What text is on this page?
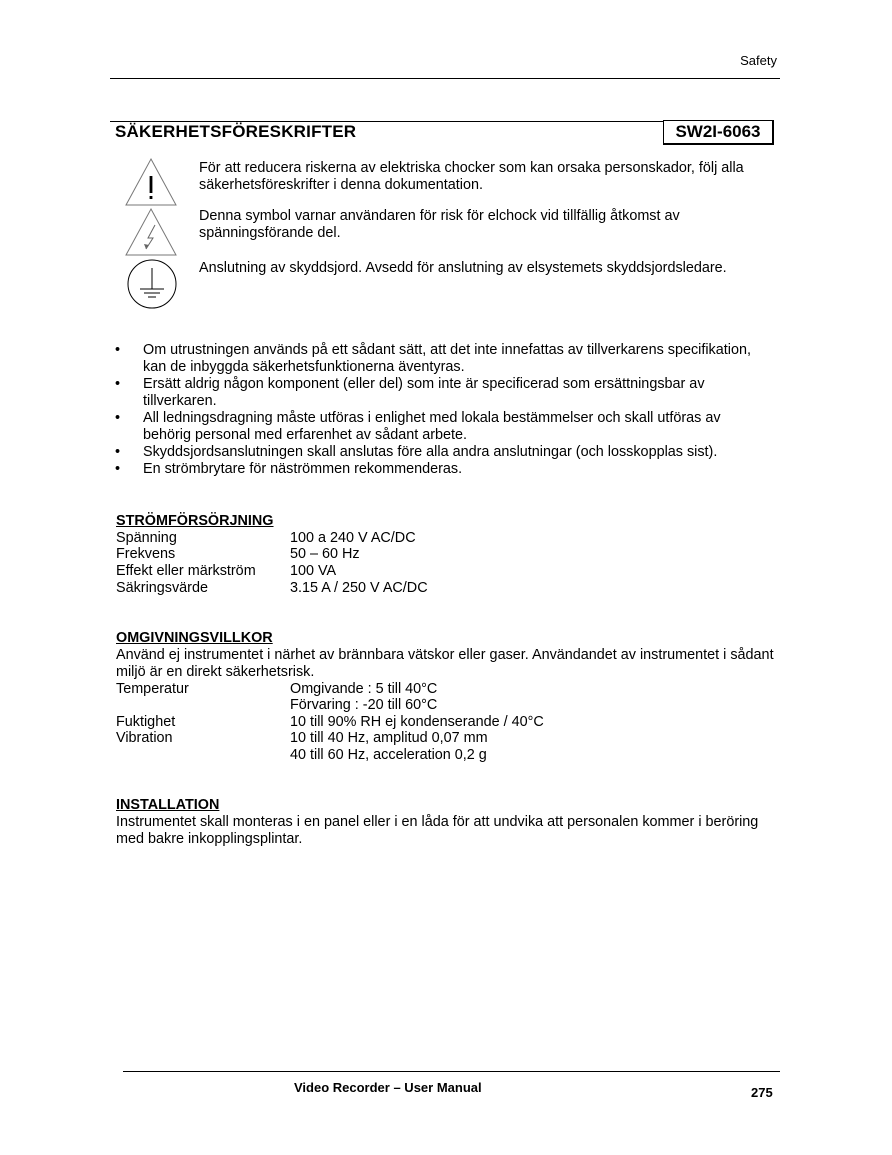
Safety
SÄKERHETSFÖRESKRIFTER	SW2I-6063
För att reducera riskerna av elektriska chocker som kan orsaka personskador, följ alla säkerhetsföreskrifter i denna dokumentation.
Denna symbol varnar användaren för risk för elchock vid tillfällig åtkomst av spänningsförande del.
Anslutning av skyddsjord. Avsedd för anslutning av elsystemets skyddsjordsledare.
• Om utrustningen används på ett sådant sätt, att det inte innefattas av tillverkarens specifikation, kan de inbyggda säkerhetsfunktionerna äventyras.
• Ersätt aldrig någon komponent (eller del) som inte är specificerad som ersättningsbar av tillverkaren.
• All ledningsdragning måste utföras i enlighet med lokala bestämmelser och skall utföras av behörig personal med erfarenhet av sådant arbete.
• Skyddsjordsanslutningen skall anslutas före alla andra anslutningar (och losskopplas sist).
• En strömbrytare för näströmmen rekommenderas.
STRÖMFÖRSÖRJNING
Spänning	100 a 240 V AC/DC
Frekvens	50 – 60 Hz
Effekt eller märkström 100 VA
Säkringsvärde	3.15 A / 250 V AC/DC
OMGIVNINGSVILLKOR
Använd ej instrumentet i närhet av brännbara vätskor eller gaser. Användandet av instrumentet i sådant miljö är en direkt säkerhetsrisk.
Temperatur	Omgivande : 5 till 40°C
Förvaring : -20 till 60°C
Fuktighet	10 till 90% RH ej kondenserande / 40°C
Vibration	10 till 40 Hz, amplitud 0,07 mm
40 till 60 Hz, acceleration 0,2 g
INSTALLATION
Instrumentet skall monteras i en panel eller i en låda för att undvika att personalen kommer i beröring med bakre inkopplingsplintar.
Video Recorder – User Manual	275
